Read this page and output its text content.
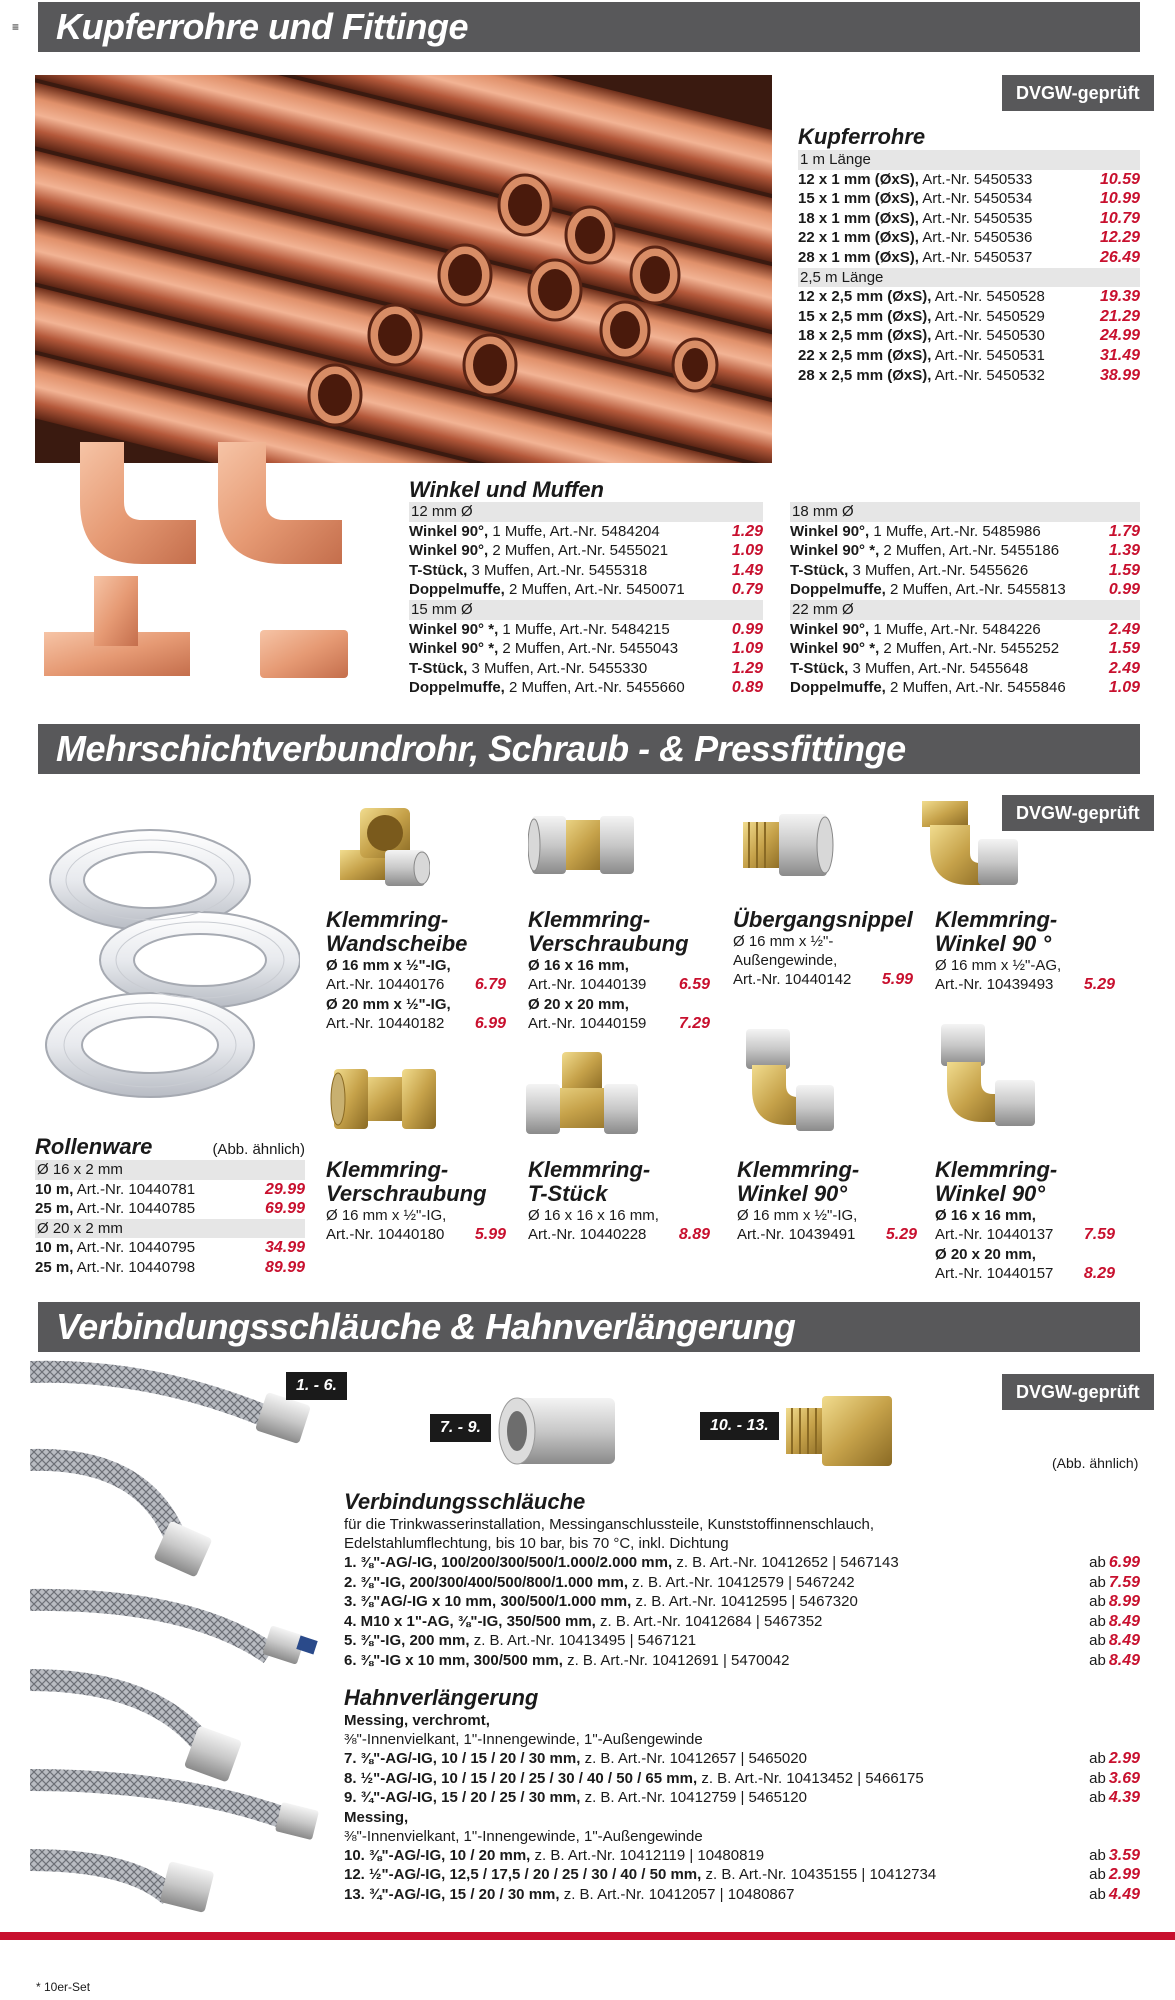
≡	Kupferrohre und Fittinge
DVGW-geprüft
Kupferrohre
1 m Länge
12 x 1 mm (ØxS), Art.-Nr. 5450533	10.59
15 x 1 mm (ØxS), Art.-Nr. 5450534	10.99
18 x 1 mm (ØxS), Art.-Nr. 5450535	10.79
22 x 1 mm (ØxS), Art.-Nr. 5450536	12.29
28 x 1 mm (ØxS), Art.-Nr. 5450537	26.49
2,5 m Länge
12 x 2,5 mm (ØxS), Art.-Nr. 5450528	19.39
15 x 2,5 mm (ØxS), Art.-Nr. 5450529	21.29
18 x 2,5 mm (ØxS), Art.-Nr. 5450530	24.99
22 x 2,5 mm (ØxS), Art.-Nr. 5450531	31.49
28 x 2,5 mm (ØxS), Art.-Nr. 5450532	38.99
Winkel und Muffen
12 mm Ø
Winkel 90°, 1 Muffe, Art.-Nr. 5484204	1.29
Winkel 90°, 2 Muffen, Art.-Nr. 5455021	1.09
T-Stück, 3 Muffen, Art.-Nr. 5455318	1.49
Doppelmuffe, 2 Muffen, Art.-Nr. 5450071	0.79
15 mm Ø
Winkel 90° *, 1 Muffe, Art.-Nr. 5484215	0.99
Winkel 90° *, 2 Muffen, Art.-Nr. 5455043	1.09
T-Stück, 3 Muffen, Art.-Nr. 5455330	1.29
Doppelmuffe, 2 Muffen, Art.-Nr. 5455660	0.89
18 mm Ø
Winkel 90°, 1 Muffe, Art.-Nr. 5485986	1.79
Winkel 90° *, 2 Muffen, Art.-Nr. 5455186	1.39
T-Stück, 3 Muffen, Art.-Nr. 5455626	1.59
Doppelmuffe, 2 Muffen, Art.-Nr. 5455813	0.99
22 mm Ø
Winkel 90°, 1 Muffe, Art.-Nr. 5484226	2.49
Winkel 90° *, 2 Muffen, Art.-Nr. 5455252	1.59
T-Stück, 3 Muffen, Art.-Nr. 5455648	2.49
Doppelmuffe, 2 Muffen, Art.-Nr. 5455846	1.09
Mehrschichtverbundrohr, Schraub - & Pressfittinge
DVGW-geprüft
Rollenware	(Abb. ähnlich)
Ø 16 x 2 mm
10 m, Art.-Nr. 10440781	29.99
25 m, Art.-Nr. 10440785	69.99
Ø 20 x 2 mm
10 m, Art.-Nr. 10440795	34.99
25 m, Art.-Nr. 10440798	89.99
Klemmring-
Wandscheibe
Ø 16 mm x ½"-IG,
Art.-Nr. 10440176 6.79
Ø 20 mm x ½"-IG,
Art.-Nr. 10440182 6.99
Klemmring-
Verschraubung
Ø 16 x 16 mm,
Art.-Nr. 10440139 6.59
Ø 20 x 20 mm,
Art.-Nr. 10440159 7.29
Übergangsnippel
Ø 16 mm x ½"-
Außengewinde,
Art.-Nr. 10440142 5.99
Klemmring-
Winkel 90 °
Ø 16 mm x ½"-AG,
Art.-Nr. 10439493 5.29
Klemmring-
Verschraubung
Ø 16 mm x ½"-IG,
Art.-Nr. 10440180 5.99
Klemmring-
T-Stück
Ø 16 x 16 x 16 mm,
Art.-Nr. 10440228 8.89
Klemmring-
Winkel 90°
Ø 16 mm x ½"-IG,
Art.-Nr. 10439491 5.29
Klemmring-
Winkel 90°
Ø 16 x 16 mm,
Art.-Nr. 10440137 7.59
Ø 20 x 20 mm,
Art.-Nr. 10440157 8.29
Verbindungsschläuche & Hahnverlängerung
DVGW-geprüft
1. - 6.
7. - 9.	10. - 13.
(Abb. ähnlich)
Verbindungsschläuche
für die Trinkwasserinstallation, Messinganschlussteile, Kunststoffinnenschlauch,
Edelstahlumflechtung, bis 10 bar, bis 70 °C, inkl. Dichtung
1. ⅜"-AG/-IG, 100/200/300/500/1.000/2.000 mm, z. B. Art.-Nr. 10412652 | 5467143	ab 6.99
2. ⅜"-IG, 200/300/400/500/800/1.000 mm, z. B. Art.-Nr. 10412579 | 5467242	ab 7.59
3. ⅜"AG/-IG x 10 mm, 300/500/1.000 mm, z. B. Art.-Nr. 10412595 | 5467320	ab 8.99
4. M10 x 1"-AG, ⅜"-IG, 350/500 mm, z. B. Art.-Nr. 10412684 | 5467352	ab 8.49
5. ⅜"-IG, 200 mm, z. B. Art.-Nr. 10413495 | 5467121	ab 8.49
6. ⅜"-IG x 10 mm, 300/500 mm, z. B. Art.-Nr. 10412691 | 5470042	ab 8.49
Hahnverlängerung
Messing, verchromt,
⅜"-Innenvielkant, 1"-Innengewinde, 1"-Außengewinde
7. ⅜"-AG/-IG, 10 / 15 / 20 / 30 mm, z. B. Art.-Nr. 10412657 | 5465020	ab 2.99
8. ½"-AG/-IG, 10 / 15 / 20 / 25 / 30 / 40 / 50 / 65 mm, z. B. Art.-Nr. 10413452 | 5466175	ab 3.69
9. ¾"-AG/-IG, 15 / 20 / 25 / 30 mm, z. B. Art.-Nr. 10412759 | 5465120	ab 4.39
Messing,
⅜"-Innenvielkant, 1"-Innengewinde, 1"-Außengewinde
10. ⅜"-AG/-IG, 10 / 20 mm, z. B. Art.-Nr. 10412119 | 10480819	ab 3.59
12. ½"-AG/-IG, 12,5 / 17,5 / 20 / 25 / 30 / 40 / 50 mm, z. B. Art.-Nr. 10435155 | 10412734	ab 2.99
13. ¾"-AG/-IG, 15 / 20 / 30 mm, z. B. Art.-Nr. 10412057 | 10480867	ab 4.49
* 10er-Set
